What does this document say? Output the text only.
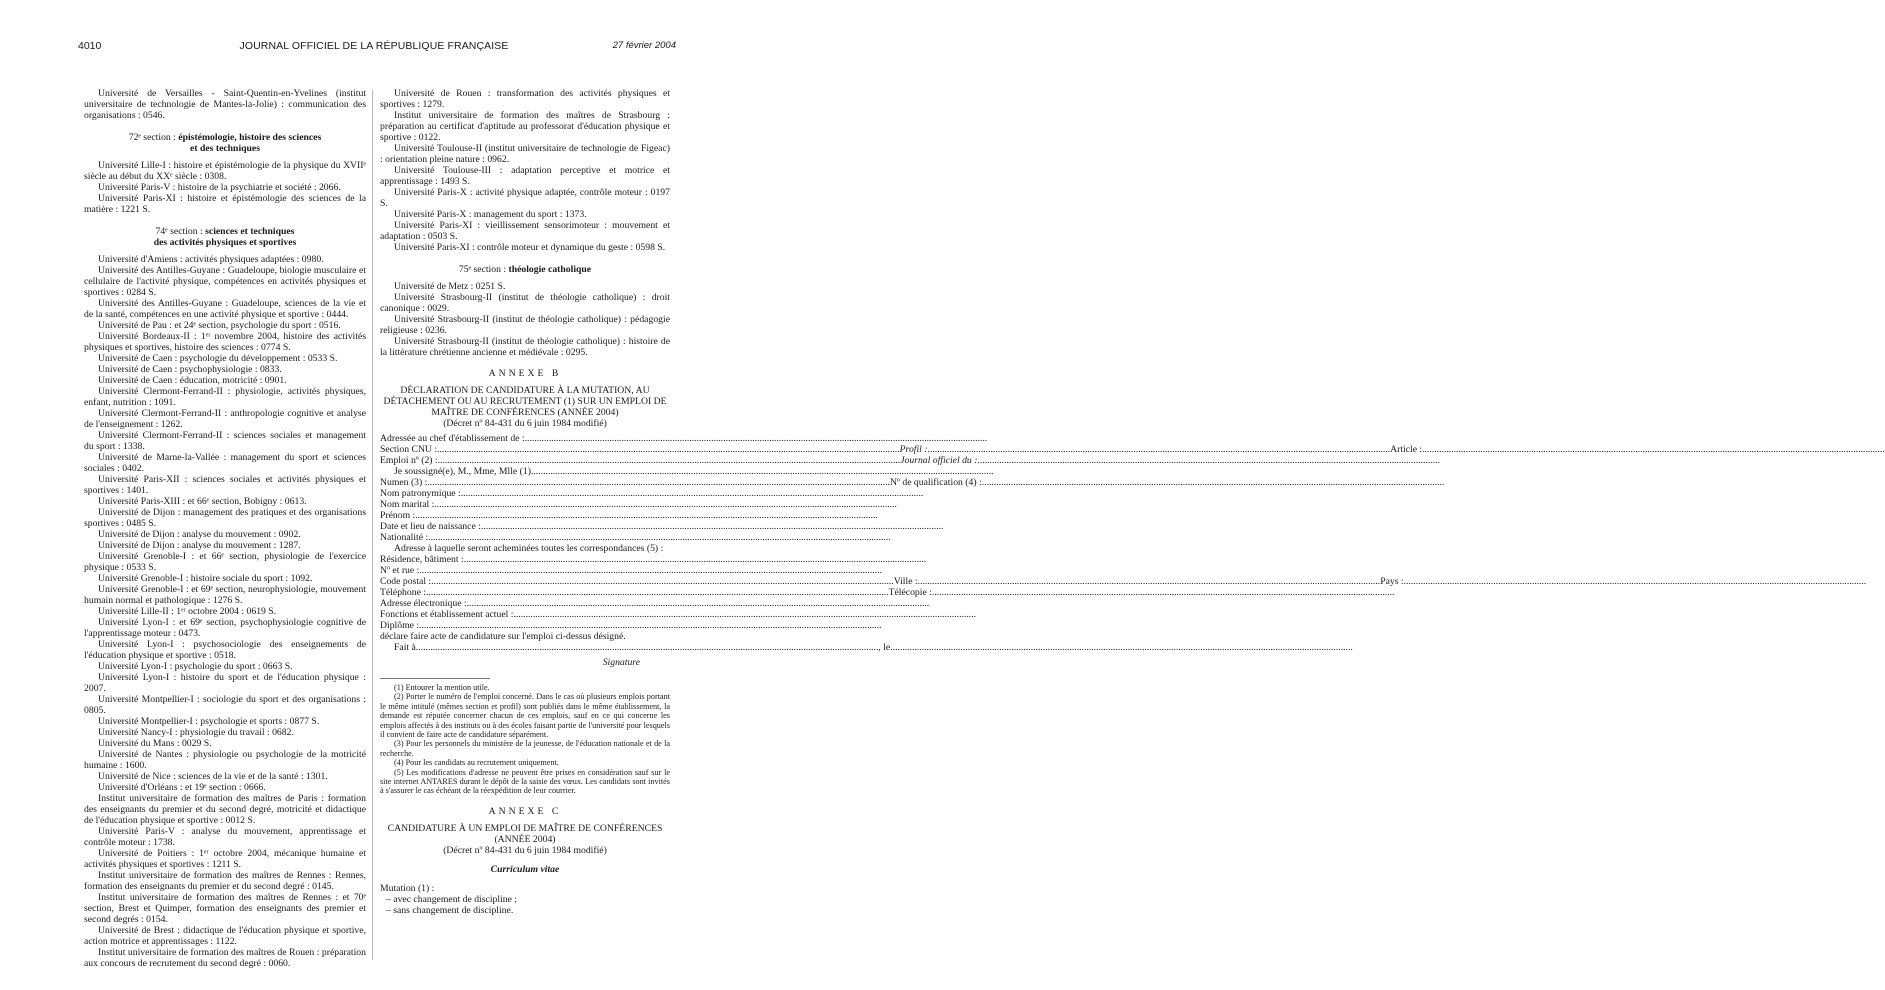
4010	JOURNAL OFFICIEL DE LA RÉPUBLIQUE FRANÇAISE	27 février 2004

Université de Versailles - Saint-Quentin-en-Yvelines (institut universitaire de technologie de Mantes-la-Jolie) : communication des organisations : 0546.

72ᵉ section : épistémologie, histoire des sciences
et des techniques

Université Lille-I : histoire et épistémologie de la physique du XVIIᵉ siècle au début du XXᵉ siècle : 0308.

Université Paris-V : histoire de la psychiatrie et société : 2066.

Université Paris-XI : histoire et épistémologie des sciences de la matière : 1221 S.

74ᵉ section : sciences et techniques
des activités physiques et sportives

Université d'Amiens : activités physiques adaptées : 0980.

Université des Antilles-Guyane : Guadeloupe, biologie musculaire et cellulaire de l'activité physique, compétences en activités physiques et sportives : 0284 S.

Université des Antilles-Guyane : Guadeloupe, sciences de la vie et de la santé, compétences en une activité physique et sportive : 0444.

Université de Pau : et 24ᵉ section, psychologie du sport : 0516.

Université Bordeaux-II : 1ᵉʳ novembre 2004, histoire des activités physiques et sportives, histoire des sciences : 0774 S.

Université de Caen : psychologie du développement : 0533 S.

Université de Caen : psychophysiologie : 0833.

Université de Caen : éducation, motricité : 0901.

Université Clermont-Ferrand-II : physiologie, activités physiques, enfant, nutrition : 1091.

Université Clermont-Ferrand-II : anthropologie cognitive et analyse de l'enseignement : 1262.

Université Clermont-Ferrand-II : sciences sociales et management du sport : 1338.

Université de Marne-la-Vallée : management du sport et sciences sociales : 0402.

Université Paris-XII : sciences sociales et activités physiques et sportives : 1401.

Université Paris-XIII : et 66ᵉ section, Bobigny : 0613.

Université de Dijon : management des pratiques et des organisations sportives : 0485 S.

Université de Dijon : analyse du mouvement : 0902.

Université de Dijon : analyse du mouvement : 1287.

Université Grenoble-I : et 66ᵉ section, physiologie de l'exercice physique : 0533 S.

Université Grenoble-I : histoire sociale du sport : 1092.

Université Grenoble-I : et 69ᵉ section, neurophysiologie, mouvement humain normal et pathologique : 1276 S.

Université Lille-II : 1ᵉʳ octobre 2004 : 0619 S.

Université Lyon-I : et 69ᵉ section, psychophysiologie cognitive de l'apprentissage moteur : 0473.

Université Lyon-I : psychosociologie des enseignements de l'éducation physique et sportive : 0518.

Université Lyon-I : psychologie du sport : 0663 S.

Université Lyon-I : histoire du sport et de l'éducation physique : 2007.

Université Montpellier-I : sociologie du sport et des organisations : 0805.

Université Montpellier-I : psychologie et sports : 0877 S.

Université Nancy-I : physiologie du travail : 0682.

Université du Mans : 0029 S.

Université de Nantes : physiologie ou psychologie de la motricité humaine : 1600.

Université de Nice : sciences de la vie et de la santé : 1301.

Université d'Orléans : et 19ᵉ section : 0666.

Institut universitaire de formation des maîtres de Paris : formation des enseignants du premier et du second degré, motricité et didactique de l'éducation physique et sportive : 0012 S.

Université Paris-V : analyse du mouvement, apprentissage et contrôle moteur : 1738.

Université de Poitiers : 1ᵉʳ octobre 2004, mécanique humaine et activités physiques et sportives : 1211 S.

Institut universitaire de formation des maîtres de Rennes : Rennes, formation des enseignants du premier et du second degré : 0145.

Institut universitaire de formation des maîtres de Rennes : et 70ᵉ section, Brest et Quimper, formation des enseignants des premier et second degrés : 0154.

Université de Brest : didactique de l'éducation physique et sportive, action motrice et apprentissages : 1122.

Institut universitaire de formation des maîtres de Rouen : préparation aux concours de recrutement du second degré : 0060.

Université de Rouen : transformation des activités physiques et sportives : 1279.

Institut universitaire de formation des maîtres de Strasbourg : préparation au certificat d'aptitude au professorat d'éducation physique et sportive : 0122.

Université Toulouse-II (institut universitaire de technologie de Figeac) : orientation pleine nature : 0962.

Université Toulouse-III : adaptation perceptive et motrice et apprentissage : 1493 S.

Université Paris-X : activité physique adaptée, contrôle moteur : 0197 S.

Université Paris-X : management du sport : 1373.

Université Paris-XI : vieillissement sensorimoteur : mouvement et adaptation : 0503 S.

Université Paris-XI : contrôle moteur et dynamique du geste : 0598 S.

75ᵉ section : théologie catholique

Université de Metz : 0251 S.

Université Strasbourg-II (institut de théologie catholique) : droit canonique : 0029.

Université Strasbourg-II (institut de théologie catholique) : pédagogie religieuse : 0236.

Université Strasbourg-II (institut de théologie catholique) : histoire de la littérature chrétienne ancienne et médiévale : 0295.

ANNEXE B

DÉCLARATION DE CANDIDATURE À LA MUTATION, AU DÉTACHEMENT OU AU RECRUTEMENT (1) SUR UN EMPLOI DE MAÎTRE DE CONFÉRENCES (ANNÉE 2004)

(Décret nº 84-431 du 6 juin 1984 modifié)

Adressée au chef d'établissement de : ...............................................................................................................................................................................................
Section CNU : ............................................................................................................................................................................................... Profil : ............................................................................................................................................................................................... Article : ...............................................................................................................................................................................................
Emploi nº (2) : ............................................................................................................................................................................................... Journal officiel du : ...............................................................................................................................................................................................
Je soussigné(e), M., Mme, Mlle (1) ...............................................................................................................................................................................................
Numen (3) : ............................................................................................................................................................................................... Nº de qualification (4) : ...............................................................................................................................................................................................
Nom patronymique : ...............................................................................................................................................................................................
Nom marital : ...............................................................................................................................................................................................
Prénom : ...............................................................................................................................................................................................
Date et lieu de naissance : ...............................................................................................................................................................................................
Nationalité : ...............................................................................................................................................................................................

Adresse à laquelle seront acheminées toutes les correspondances (5) :

Résidence, bâtiment : ...............................................................................................................................................................................................
Nº et rue : ...............................................................................................................................................................................................
Code postal : ............................................................................................................................................................................................... Ville : ............................................................................................................................................................................................... Pays : ...............................................................................................................................................................................................
Téléphone : ............................................................................................................................................................................................... Télécopie : ...............................................................................................................................................................................................
Adresse électronique : ...............................................................................................................................................................................................
Fonctions et établissement actuel : ...............................................................................................................................................................................................
Diplôme : ...............................................................................................................................................................................................

déclare faire acte de candidature sur l'emploi ci-dessus désigné.

Fait à ............................................................................................................................................................................................... , le ...............................................................................................................................................................................................
Signature

(1) Entourer la mention utile.

(2) Porter le numéro de l'emploi concerné. Dans le cas où plusieurs emplois portant le même intitulé (mêmes section et profil) sont publiés dans le même établissement, la demande est réputée concerner chacun de ces emplois, sauf en ce qui concerne les emplois affectés à des instituts ou à des écoles faisant partie de l'université pour lesquels il convient de faire acte de candidature séparément.

(3) Pour les personnels du ministère de la jeunesse, de l'éducation nationale et de la recherche.

(4) Pour les candidats au recrutement uniquement.

(5) Les modifications d'adresse ne peuvent être prises en considération sauf sur le site internet ANTARES durant le dépôt de la saisie des vœux. Les candidats sont invités à s'assurer le cas échéant de la réexpédition de leur courrier.

ANNEXE C

CANDIDATURE À UN EMPLOI DE MAÎTRE DE CONFÉRENCES (ANNÉE 2004)

(Décret nº 84-431 du 6 juin 1984 modifié)

Curriculum vitae

Mutation (1) :

– avec changement de discipline ;

– sans changement de discipline.
